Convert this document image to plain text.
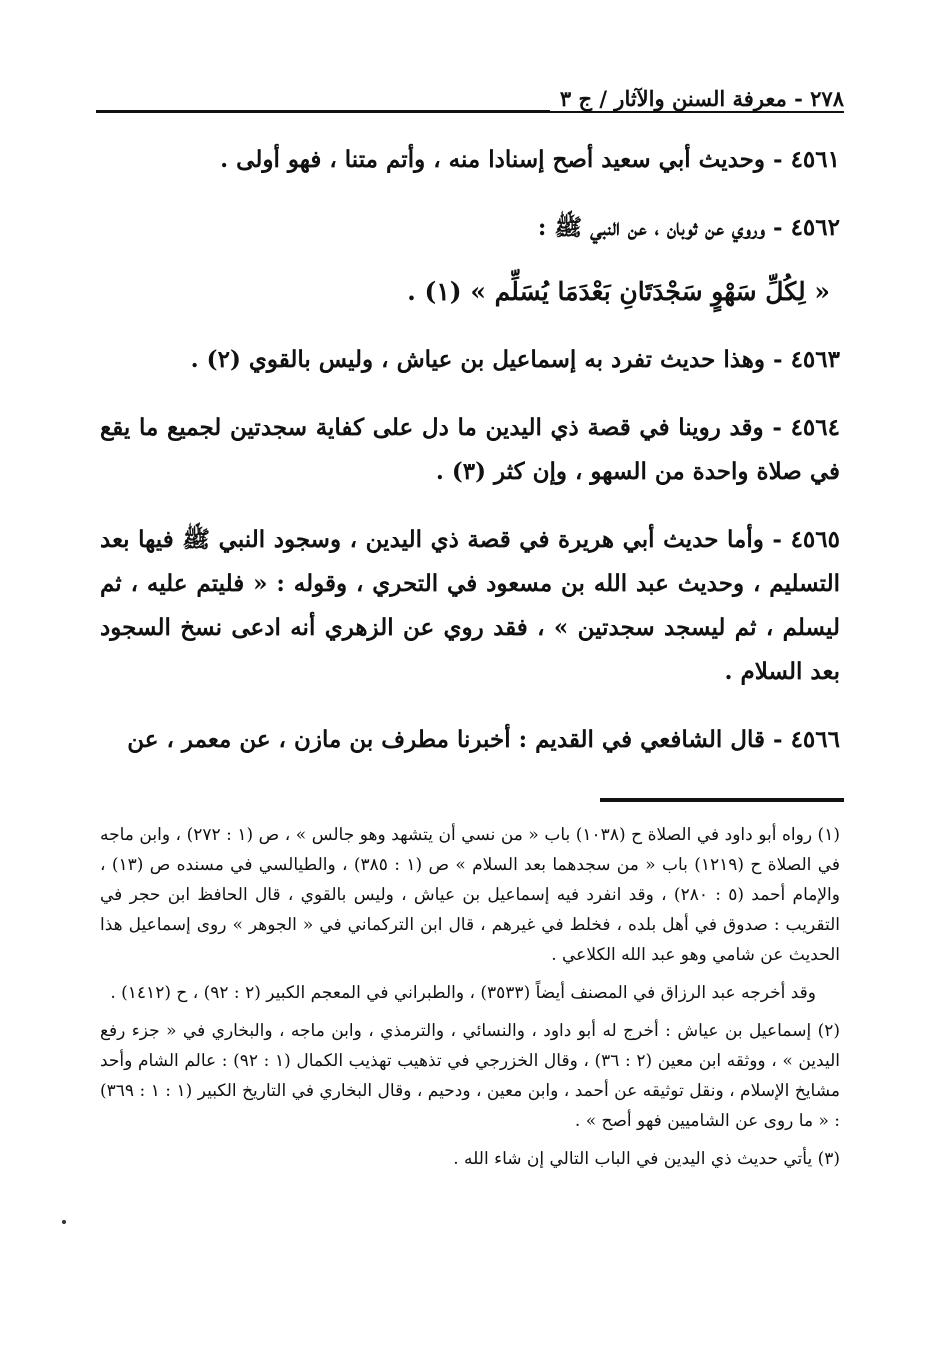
٢٧٨ - معرفة السنن والآثار / ج ٣

٤٥٦١ - وحديث أبي سعيد أصح إسنادا منه ، وأتم متنا ، فهو أولى .

٤٥٦٢ - وروي عن ثوبان ، عن النبي ﷺ :

« لِكُلِّ سَهْوٍ سَجْدَتَانِ بَعْدَمَا يُسَلِّم » (١) .

٤٥٦٣ - وهذا حديث تفرد به إسماعيل بن عياش ، وليس بالقوي (٢) .

٤٥٦٤ - وقد روينا في قصة ذي اليدين ما دل على كفاية سجدتين لجميع ما يقع في صلاة واحدة من السهو ، وإن كثر (٣) .

٤٥٦٥ - وأما حديث أبي هريرة في قصة ذي اليدين ، وسجود النبي ﷺ فيها بعد التسليم ، وحديث عبد الله بن مسعود في التحري ، وقوله : « فليتم عليه ، ثم ليسلم ، ثم ليسجد سجدتين » ، فقد روي عن الزهري أنه ادعى نسخ السجود بعد السلام .

٤٥٦٦ - قال الشافعي في القديم : أخبرنا مطرف بن مازن ، عن معمر ، عن

(١) رواه أبو داود في الصلاة ح (١٠٣٨) باب « من نسي أن يتشهد وهو جالس » ، ص (١ : ٢٧٢) ، وابن ماجه في الصلاة ح (١٢١٩) باب « من سجدهما بعد السلام » ص (١ : ٣٨٥) ، والطيالسي في مسنده ص (١٣) ، والإمام أحمد (٥ : ٢٨٠) ، وقد انفرد فيه إسماعيل بن عياش ، وليس بالقوي ، قال الحافظ ابن حجر في التقريب : صدوق في أهل بلده ، فخلط في غيرهم ، قال ابن التركماني في « الجوهر » روى إسماعيل هذا الحديث عن شامي وهو عبد الله الكلاعي .

وقد أخرجه عبد الرزاق في المصنف أيضاً (٣٥٣٣) ، والطبراني في المعجم الكبير (٢ : ٩٢) ، ح (١٤١٢) .

(٢) إسماعيل بن عياش : أخرج له أبو داود ، والنسائي ، والترمذي ، وابن ماجه ، والبخاري في « جزء رفع اليدين » ، ووثقه ابن معين (٢ : ٣٦) ، وقال الخزرجي في تذهيب تهذيب الكمال (١ : ٩٢) : عالم الشام وأحد مشايخ الإسلام ، ونقل توثيقه عن أحمد ، وابن معين ، ودحيم ، وقال البخاري في التاريخ الكبير (١ : ١ : ٣٦٩) : « ما روى عن الشاميين فهو أصح » .

(٣) يأتي حديث ذي اليدين في الباب التالي إن شاء الله .
